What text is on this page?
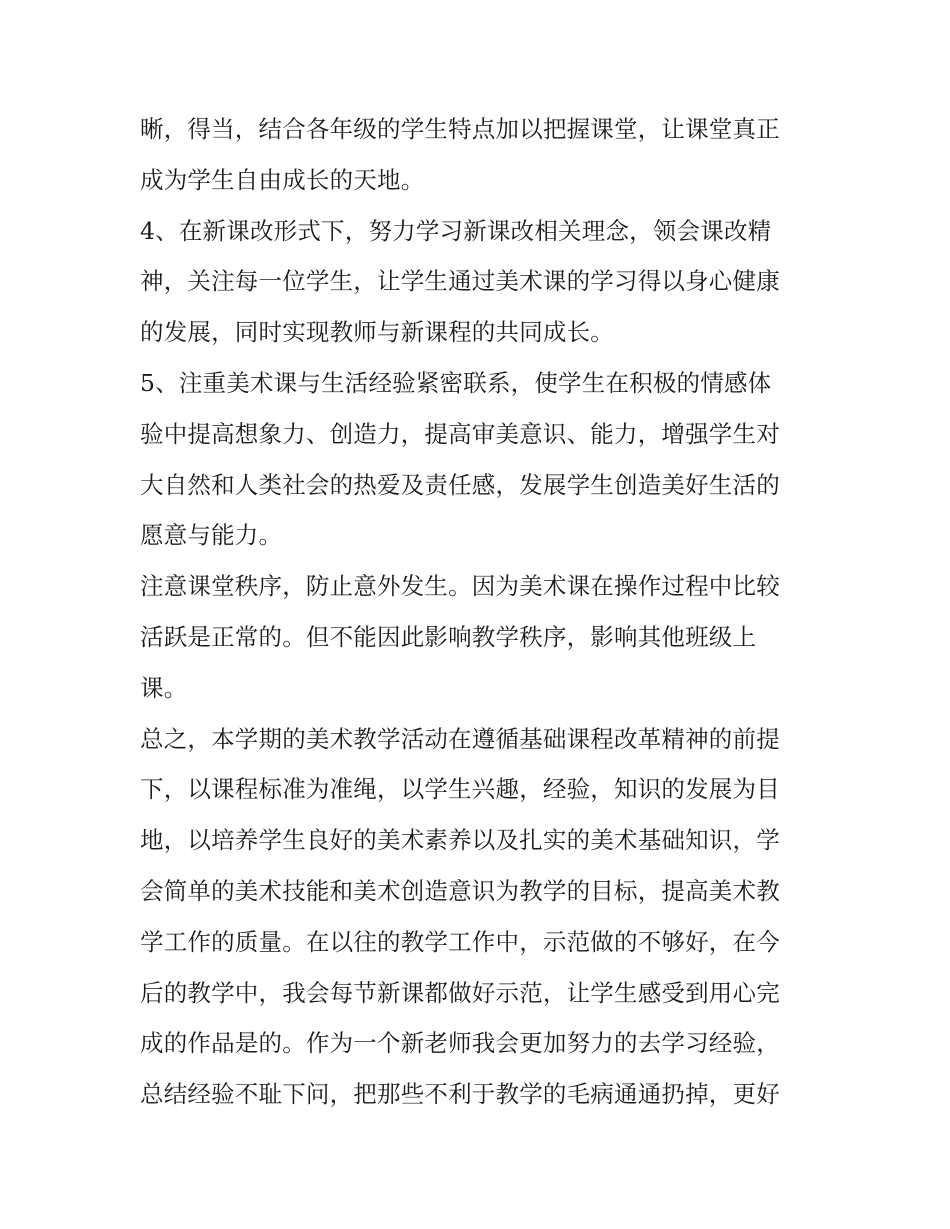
晰，得当，结合各年级的学生特点加以把握课堂，让课堂真正
成为学生自由成长的天地。
4、在新课改形式下，努力学习新课改相关理念，领会课改精
神，关注每一位学生，让学生通过美术课的学习得以身心健康
的发展，同时实现教师与新课程的共同成长。
5、注重美术课与生活经验紧密联系，使学生在积极的情感体
验中提高想象力、创造力，提高审美意识、能力，增强学生对
大自然和人类社会的热爱及责任感，发展学生创造美好生活的
愿意与能力。
注意课堂秩序，防止意外发生。因为美术课在操作过程中比较
活跃是正常的。但不能因此影响教学秩序，影响其他班级上
课。
总之，本学期的美术教学活动在遵循基础课程改革精神的前提
下，以课程标准为准绳，以学生兴趣，经验，知识的发展为目
地，以培养学生良好的美术素养以及扎实的美术基础知识，学
会简单的美术技能和美术创造意识为教学的目标，提高美术教
学工作的质量。在以往的教学工作中，示范做的不够好，在今
后的教学中，我会每节新课都做好示范，让学生感受到用心完
成的作品是的。作为一个新老师我会更加努力的去学习经验，
总结经验不耻下问，把那些不利于教学的毛病通通扔掉，更好
